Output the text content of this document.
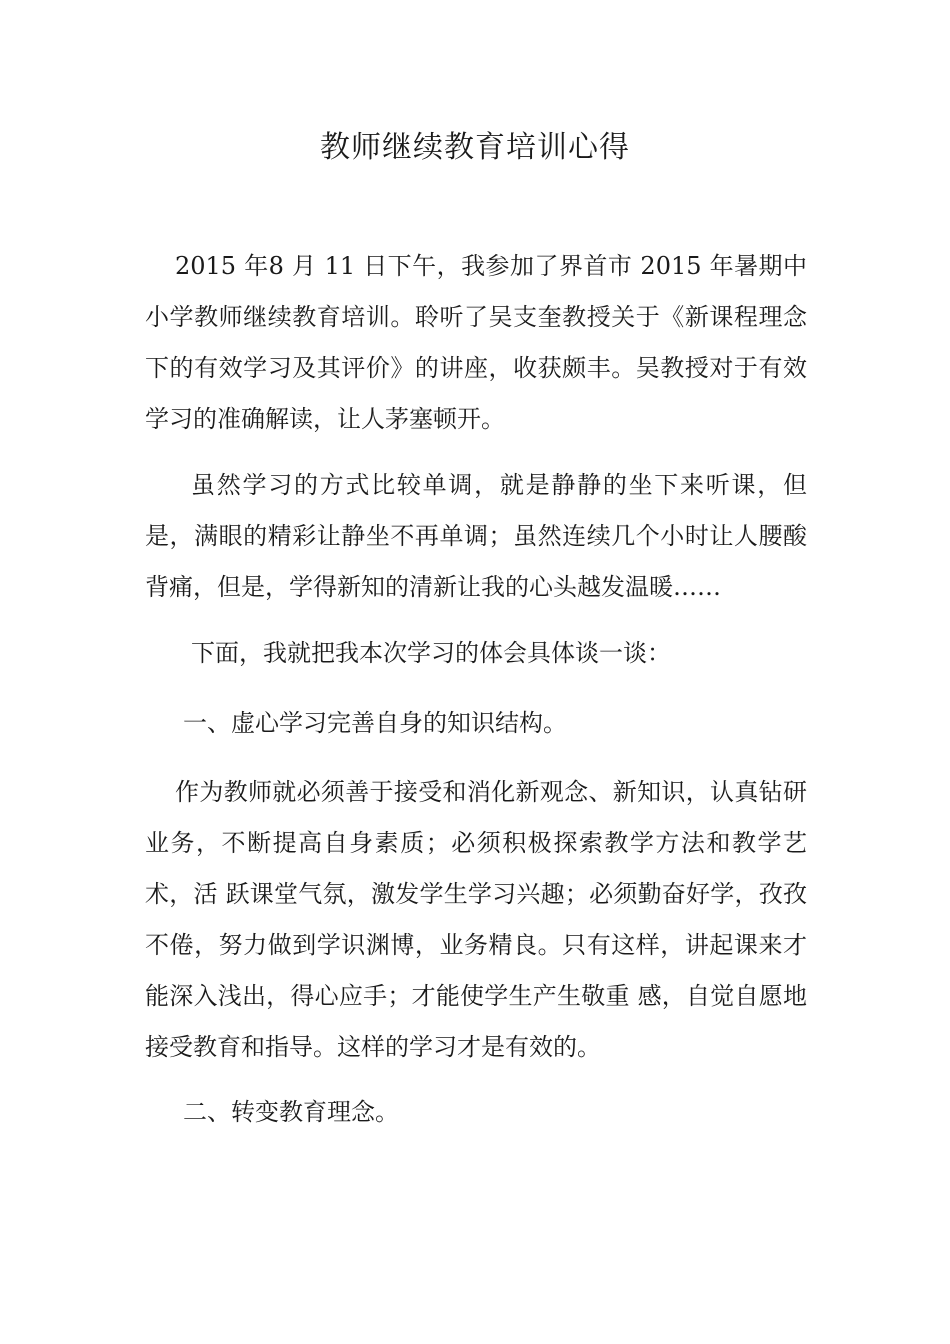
教师继续教育培训心得
2015 年8 月 11 日下午，我参加了界首市 2015 年暑期中小学教师继续教育培训。聆听了吴支奎教授关于《新课程理念下的有效学习及其评价》的讲座，收获颇丰。吴教授对于有效学习的准确解读，让人茅塞顿开。
虽然学习的方式比较单调，就是静静的坐下来听课，但是，满眼的精彩让静坐不再单调；虽然连续几个小时让人腰酸背痛，但是，学得新知的清新让我的心头越发温暖……
下面，我就把我本次学习的体会具体谈一谈：
一、虚心学习完善自身的知识结构。
作为教师就必须善于接受和消化新观念、新知识，认真钻研业务，不断提高自身素质；必须积极探索教学方法和教学艺术，活 跃课堂气氛，激发学生学习兴趣；必须勤奋好学，孜孜不倦，努力做到学识渊博，业务精良。只有这样，讲起课来才能深入浅出，得心应手；才能使学生产生敬重 感，自觉自愿地接受教育和指导。这样的学习才是有效的。
二、转变教育理念。
